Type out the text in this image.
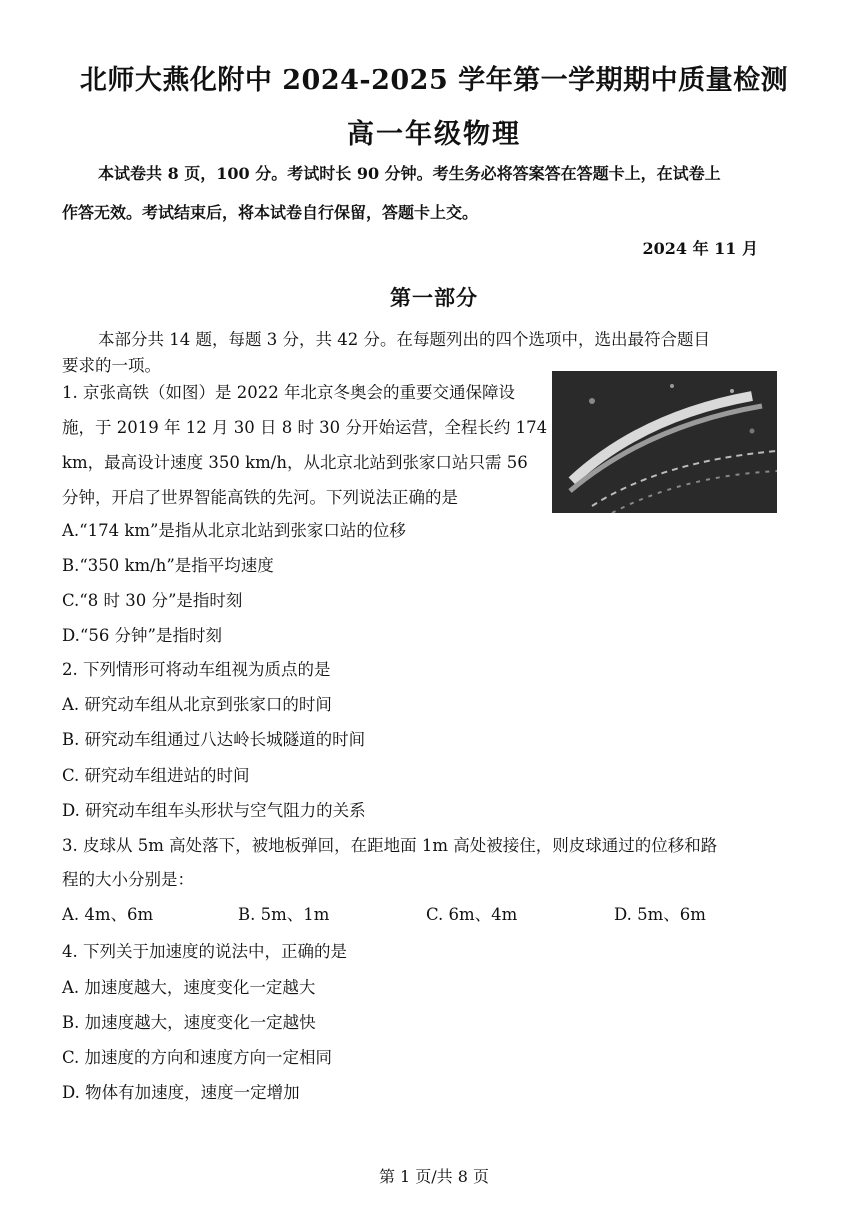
北师大燕化附中 2024-2025 学年第一学期期中质量检测
高一年级物理
本试卷共 8 页，100 分。考试时长 90 分钟。考生务必将答案答在答题卡上，在试卷上
作答无效。考试结束后，将本试卷自行保留，答题卡上交。
2024 年 11 月
第一部分
本部分共 14 题，每题 3 分，共 42 分。在每题列出的四个选项中，选出最符合题目
要求的一项。
1. 京张高铁（如图）是 2022 年北京冬奥会的重要交通保障设
施，于 2019 年 12 月 30 日 8 时 30 分开始运营，全程长约 174
km，最高设计速度 350 km/h，从北京北站到张家口站只需 56
分钟，开启了世界智能高铁的先河。下列说法正确的是
A.“174 km”是指从北京北站到张家口站的位移
B.“350 km/h”是指平均速度
C.“8 时 30 分”是指时刻
D.“56 分钟”是指时刻
2. 下列情形可将动车组视为质点的是
A. 研究动车组从北京到张家口的时间
B. 研究动车组通过八达岭长城隧道的时间
C. 研究动车组进站的时间
D. 研究动车组车头形状与空气阻力的关系
3. 皮球从 5m 高处落下，被地板弹回，在距地面 1m 高处被接住，则皮球通过的位移和路
程的大小分别是：
A. 4m、6m	B. 5m、1m	C. 6m、4m	D. 5m、6m
4. 下列关于加速度的说法中，正确的是
A. 加速度越大，速度变化一定越大
B. 加速度越大，速度变化一定越快
C. 加速度的方向和速度方向一定相同
D. 物体有加速度，速度一定增加
第 1 页/共 8 页
